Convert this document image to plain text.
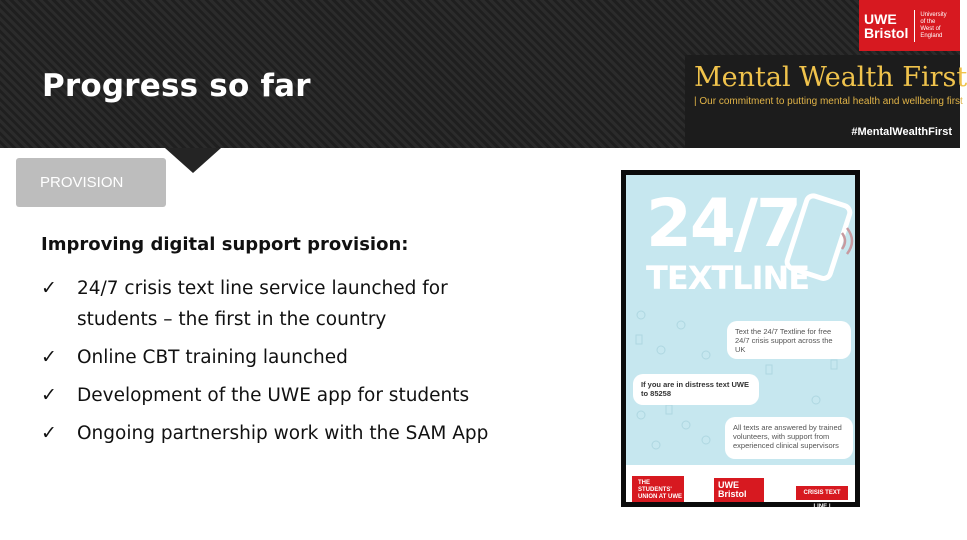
Progress so far
UWE
Bristol
University
of the
West of
England
Mental Wealth First
| Our commitment to putting mental health and wellbeing first
#MentalWealthFirst
PROVISION
Improving digital support provision:
✓ 24/7 crisis text line service launched for
students – the first in the country
✓ Online CBT training launched
✓ Development of the UWE app for students
✓ Ongoing partnership work with the SAM App
24/7
TEXTLINE
Text the 24/7 Textline for free 24/7 crisis support across the UK
If you are in distress text UWE to 85258
All texts are answered by trained volunteers, with support from experienced clinical supervisors
THE STUDENTS' UNION AT UWE
UWE Bristol	CRISIS TEXT LINE |
